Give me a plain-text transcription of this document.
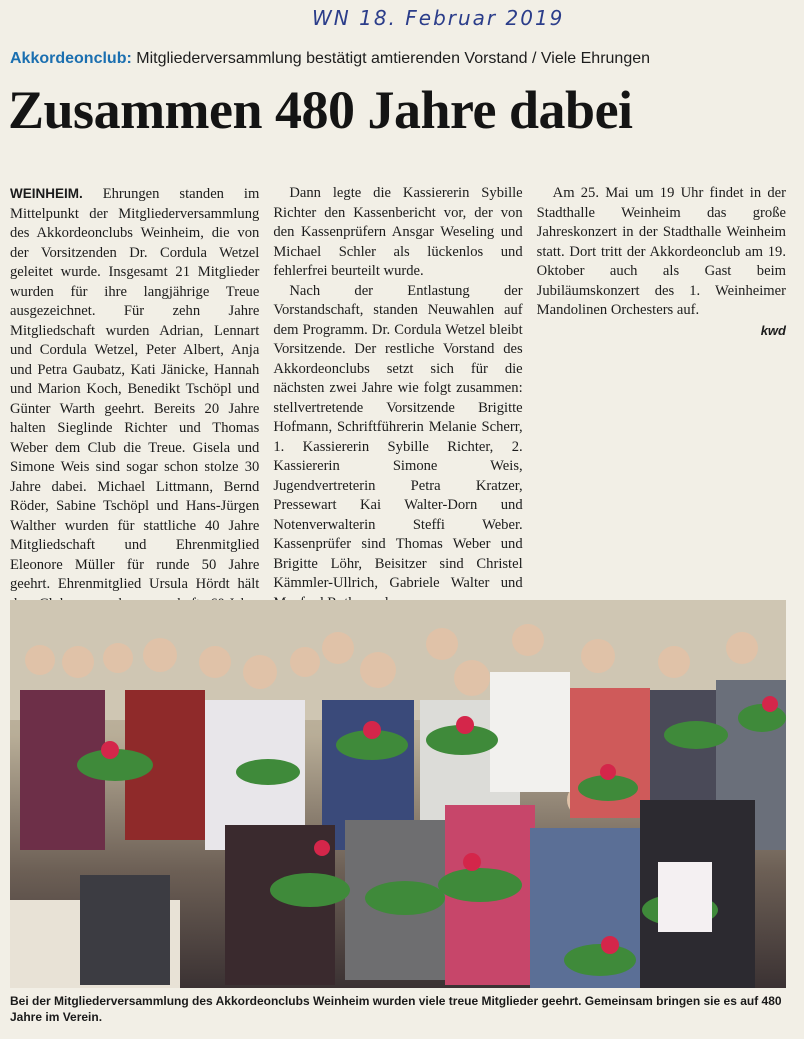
WN 18. Februar 2019
Akkordeonclub: Mitgliederversammlung bestätigt amtierenden Vorstand / Viele Ehrungen
Zusammen 480 Jahre dabei

WEINHEIM. Ehrungen standen im Mittelpunkt der Mitgliederversammlung des Akkordeonclubs Weinheim, die von der Vorsitzenden Dr. Cordula Wetzel geleitet wurde. Insgesamt 21 Mitglieder wurden für ihre langjährige Treue ausgezeichnet. Für zehn Jahre Mitgliedschaft wurden Adrian, Lennart und Cordula Wetzel, Peter Albert, Anja und Petra Gaubatz, Kati Jänicke, Hannah und Marion Koch, Benedikt Tschöpl und Günter Warth geehrt. Bereits 20 Jahre halten Sieglinde Richter und Thomas Weber dem Club die Treue. Gisela und Simone Weis sind sogar schon stolze 30 Jahre dabei. Michael Littmann, Bernd Röder, Sabine Tschöpl und Hans-Jürgen Walther wurden für stattliche 40 Jahre Mitgliedschaft und Ehrenmitglied Eleonore Müller für runde 50 Jahre geehrt. Ehrenmitglied Ursula Hördt hält

Dann legte die Kassiererin Sybille Richter den Kassenbericht vor, der von den Kassenprüfern Ansgar Weseling und Michael Schler als lückenlos und fehlerfrei beurteilt wurde.

Nach der Entlastung der Vorstandschaft, standen Neuwahlen auf dem Programm. Dr. Cordula Wetzel bleibt Vorsitzende. Der restliche Vorstand des Akkordeonclubs setzt sich für die nächsten zwei Jahre wie folgt zusammen: stellvertretende Vorsitzende Brigitte Hofmann, Schriftführerin Melanie Scherr, 1. Kassiererin Sybille Richter, 2. Kassiererin Simone Weis, Jugendvertreterin Petra Kratzer, Pressewart Kai Walter-Dorn und Notenverwalterin Steffi Weber. Kassenprüfer sind Thomas Weber und Brigitte Löhr, Beisitzer sind Christel Kämmler-Ullrich, Gabriele Walter und

Am 25. Mai um 19 Uhr findet in der Stadthalle Weinheim das große Jahreskonzert in der Stadthalle Weinheim statt. Dort tritt der Akkordeonclub am 19. Oktober auch als Gast beim Jubiläumskonzert des 1. Weinheimer Mandolinen Orchesters auf.

kwd

Bei der Mitgliederversammlung des Akkordeonclubs Weinheim wurden viele treue Mitglieder geehrt. Gemeinsam bringen sie es auf 480 Jahre im Verein.
